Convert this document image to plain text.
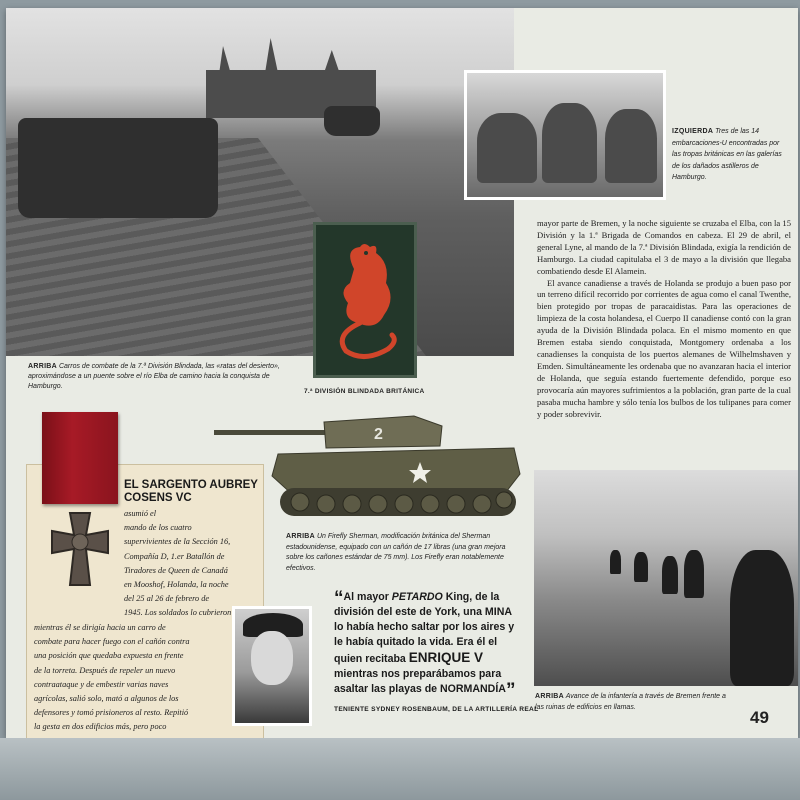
7.ª DIVISIÓN BLINDADA BRITÁNICA
ARRIBA Carros de combate de la 7.ª División Blindada, las «ratas del desierto», aproximándose a un puente sobre el río Elba de camino hacia la conquista de Hamburgo.
IZQUIERDA Tres de las 14 embarcaciones-U encontradas por las tropas británicas en las galerías de los dañados astilleros de Hamburgo.

mayor parte de Bremen, y la noche siguiente se cruzaba el Elba, con la 15 División y la 1.ª Brigada de Comandos en cabeza. El 29 de abril, el general Lyne, al mando de la 7.ª División Blindada, exigía la rendición de Hamburgo. La ciudad capitulaba el 3 de mayo a la división que llegaba combatiendo desde El Alamein.

El avance canadiense a través de Holanda se produjo a buen paso por un terreno difícil recorrido por corrientes de agua como el canal Twenthe, bien protegido por tropas de paracaidistas. Para las operaciones de limpieza de la costa holandesa, el Cuerpo II canadiense contó con la gran ayuda de la División Blindada polaca. En el mismo momento en que Bremen estaba siendo conquistada, Montgomery ordenaba a los canadienses la conquista de los puertos alemanes de Wilhelmshaven y Emden. Simultáneamente les ordenaba que no avanzaran hacia el interior de Holanda, que seguía estando fuertemente defendido, porque eso provocaría aún mayores sufrimientos a la población, gran parte de la cual pasaba mucha hambre y sólo tenía los bulbos de los tulipanes para comer y poder sobrevivir.

EL SARGENTO AUBREY COSENS VC
asumió el
mando de los cuatro
supervivientes de la Sección 16,
Compañía D, 1.er Batallón de
Tiradores de Queen de Canadá
en Mooshof, Holanda, la noche
del 25 al 26 de febrero de
1945. Los soldados lo cubrieron
mientras él se dirigía hacia un carro de
combate para hacer fuego con el cañón contra
una posición que quedaba expuesta en frente
de la torreta. Después de repeler un nuevo
contraataque y de embestir varias naves
agrícolas, salió solo, mató a algunos de los
defensores y tomó prisioneros al resto. Repitió
la gesta en dos edificios más, pero poco
2
ARRIBA Un Firefly Sherman, modificación británica del Sherman estadounidense, equipado con un cañón de 17 libras (una gran mejora sobre los cañones estándar de 75 mm). Los Firefly eran notablemente efectivos.
“Al mayor PETARDO King, de la división del este de York, una MINA lo había hecho saltar por los aires y le había quitado la vida. Era él el quien recitaba ENRIQUE V mientras nos preparábamos para asaltar las playas de NORMANDÍA”
TENIENTE SYDNEY ROSENBAUM, DE LA ARTILLERÍA REAL
ARRIBA Avance de la infantería a través de Bremen frente a las ruinas de edificios en llamas.
49
